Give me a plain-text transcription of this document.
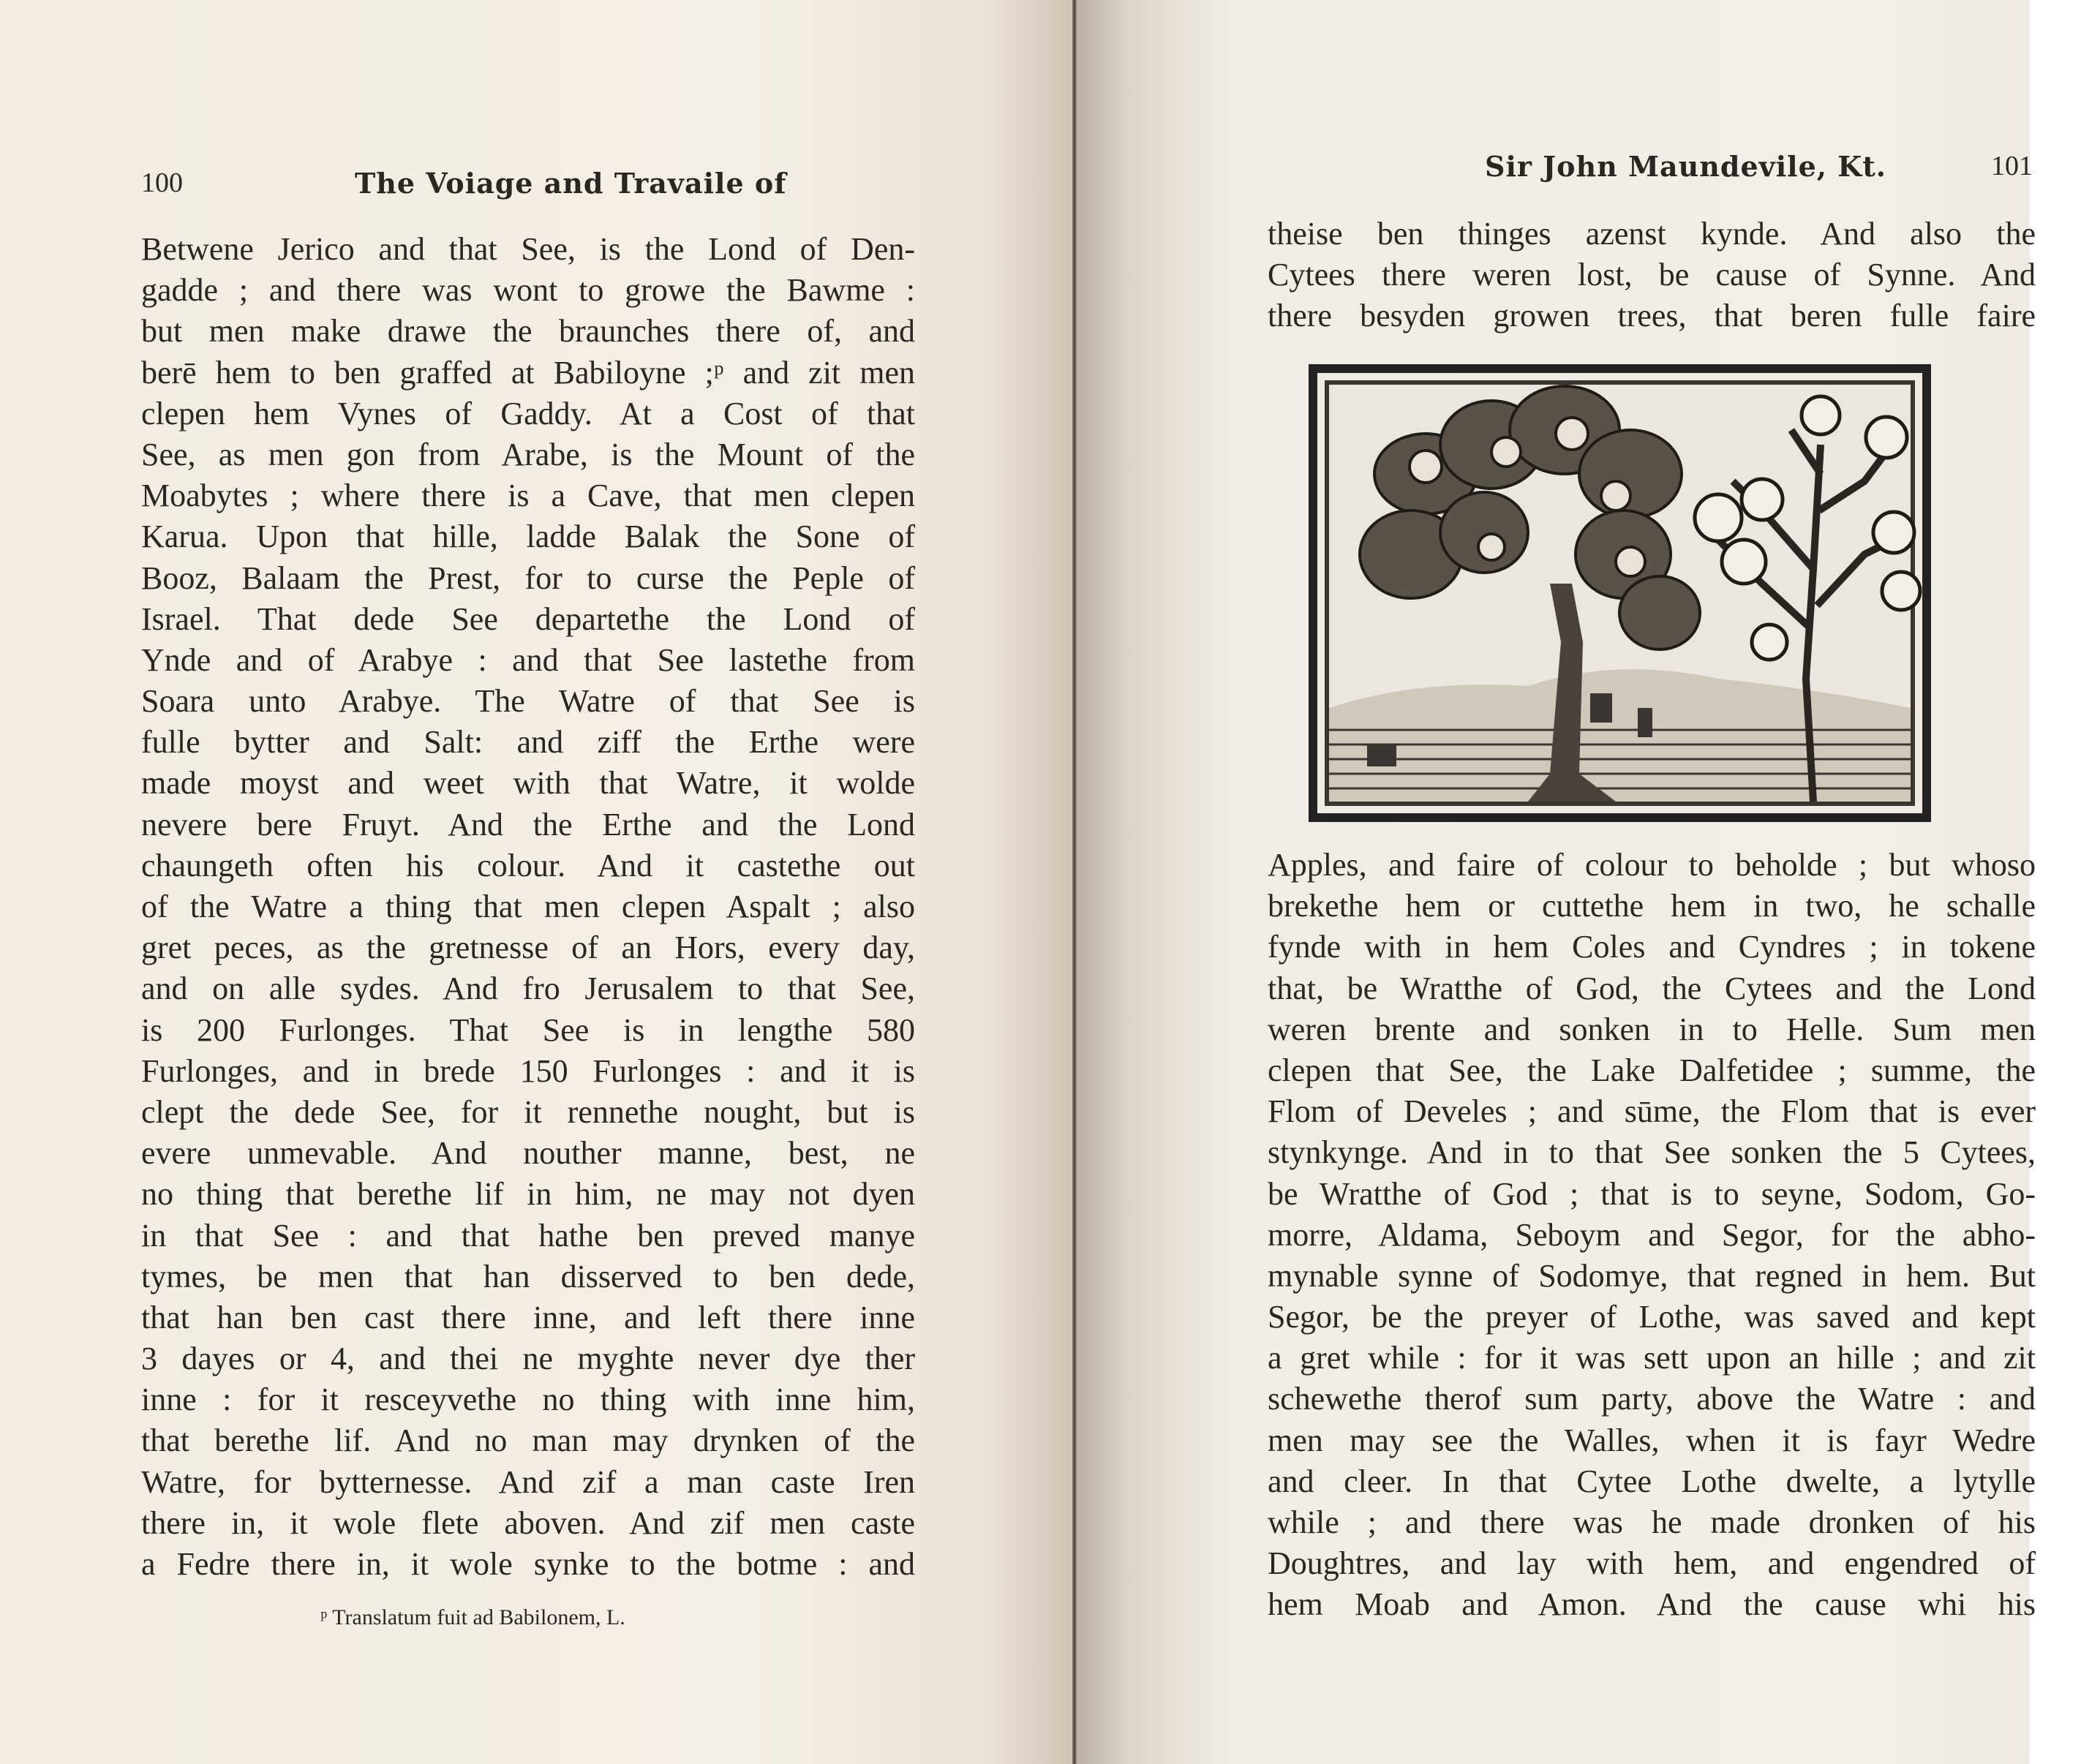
100	The Voiage and Travaile of
Betwene Jerico and that See, is the Lond of Den-
gadde ; and there was wont to growe the Bawme :
but men make drawe the braunches there of, and
berē hem to ben graffed at Babiloyne ;ᵖ and zit men
clepen hem Vynes of Gaddy. At a Cost of that
See, as men gon from Arabe, is the Mount of the
Moabytes ; where there is a Cave, that men clepen
Karua. Upon that hille, ladde Balak the Sone of
Booz, Balaam the Prest, for to curse the Peple of
Israel. That dede See departethe the Lond of
Ynde and of Arabye : and that See lastethe from
Soara unto Arabye. The Watre of that See is
fulle bytter and Salt: and ziff the Erthe were
made moyst and weet with that Watre, it wolde
nevere bere Fruyt. And the Erthe and the Lond
chaungeth often his colour. And it castethe out
of the Watre a thing that men clepen Aspalt ; also
gret peces, as the gretnesse of an Hors, every day,
and on alle sydes. And fro Jerusalem to that See,
is 200 Furlonges. That See is in lengthe 580
Furlonges, and in brede 150 Furlonges : and it is
clept the dede See, for it rennethe nought, but is
evere unmevable. And nouther manne, best, ne
no thing that berethe lif in him, ne may not dyen
in that See : and that hathe ben preved manye
tymes, be men that han disserved to ben dede,
that han ben cast there inne, and left there inne
3 dayes or 4, and thei ne myghte never dye ther
inne : for it resceyvethe no thing with inne him,
that berethe lif. And no man may drynken of the
Watre, for bytternesse. And zif a man caste Iren
there in, it wole flete aboven. And zif men caste
a Fedre there in, it wole synke to the botme : and
ᵖ Translatum fuit ad Babilonem, L.
Sir John Maundevile, Kt.	101
theise ben thinges azenst kynde. And also the
Cytees there weren lost, be cause of Synne. And
there besyden growen trees, that beren fulle faire
Apples, and faire of colour to beholde ; but whoso
brekethe hem or cuttethe hem in two, he schalle
fynde with in hem Coles and Cyndres ; in tokene
that, be Wratthe of God, the Cytees and the Lond
weren brente and sonken in to Helle. Sum men
clepen that See, the Lake Dalfetidee ; summe, the
Flom of Develes ; and sūme, the Flom that is ever
stynkynge. And in to that See sonken the 5 Cytees,
be Wratthe of God ; that is to seyne, Sodom, Go-
morre, Aldama, Seboym and Segor, for the abho-
mynable synne of Sodomye, that regned in hem. But
Segor, be the preyer of Lothe, was saved and kept
a gret while : for it was sett upon an hille ; and zit
schewethe therof sum party, above the Watre : and
men may see the Walles, when it is fayr Wedre
and cleer. In that Cytee Lothe dwelte, a lytylle
while ; and there was he made dronken of his
Doughtres, and lay with hem, and engendred of
hem Moab and Amon. And the cause whi his
